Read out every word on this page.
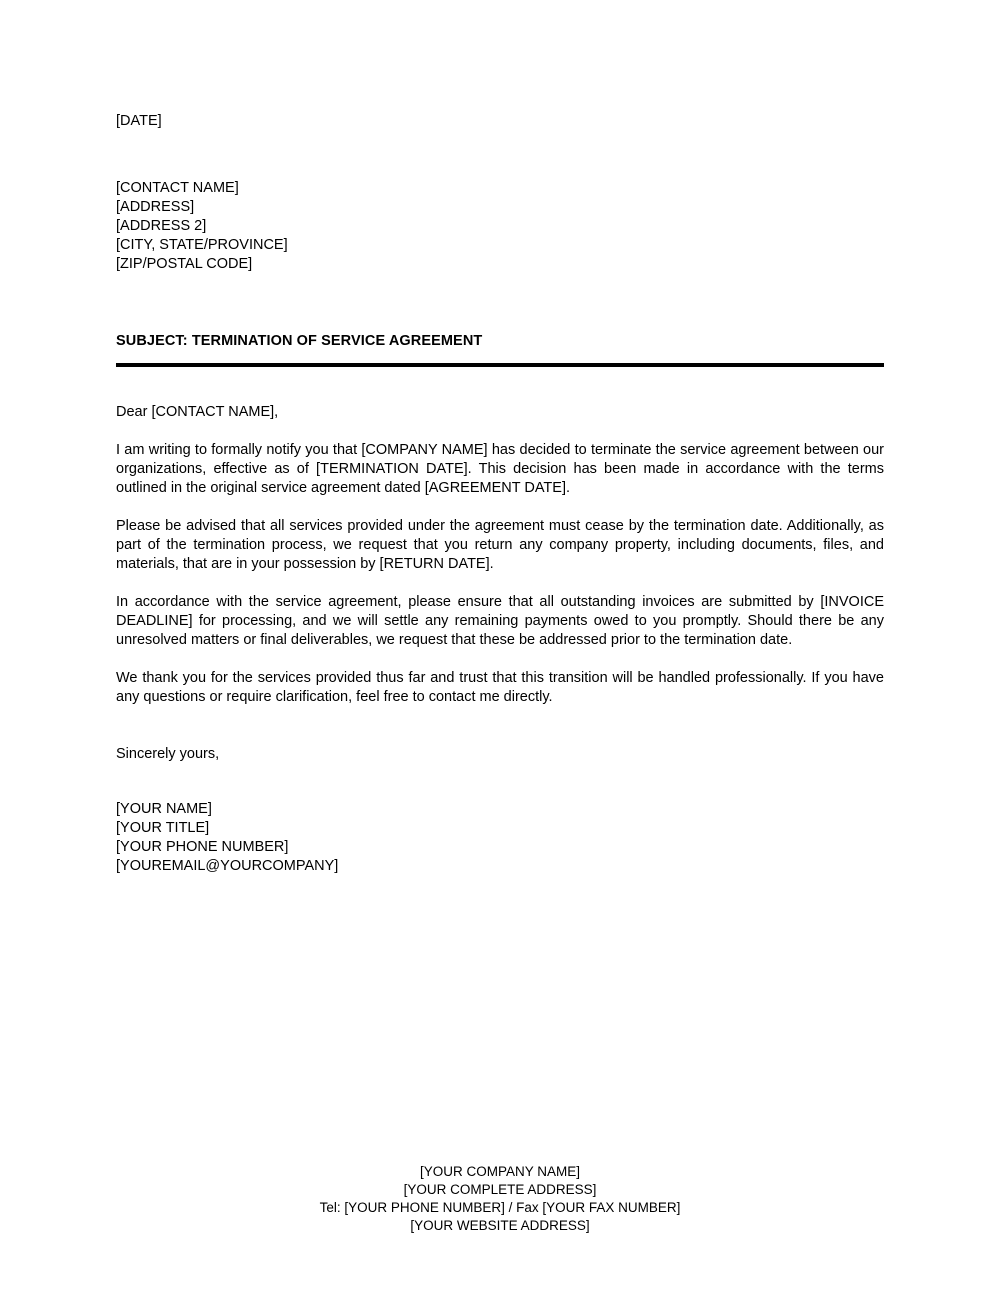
[DATE]
[CONTACT NAME]
[ADDRESS]
[ADDRESS 2]
[CITY, STATE/PROVINCE]
[ZIP/POSTAL CODE]
SUBJECT: TERMINATION OF SERVICE AGREEMENT
Dear [CONTACT NAME],

I am writing to formally notify you that [COMPANY NAME] has decided to terminate the service agreement between our organizations, effective as of [TERMINATION DATE]. This decision has been made in accordance with the terms outlined in the original service agreement dated [AGREEMENT DATE].

Please be advised that all services provided under the agreement must cease by the termination date. Additionally, as part of the termination process, we request that you return any company property, including documents, files, and materials, that are in your possession by [RETURN DATE].

In accordance with the service agreement, please ensure that all outstanding invoices are submitted by [INVOICE DEADLINE] for processing, and we will settle any remaining payments owed to you promptly. Should there be any unresolved matters or final deliverables, we request that these be addressed prior to the termination date.

We thank you for the services provided thus far and trust that this transition will be handled professionally. If you have any questions or require clarification, feel free to contact me directly.

Sincerely yours,
[YOUR NAME]
[YOUR TITLE]
[YOUR PHONE NUMBER]
[YOUREMAIL@YOURCOMPANY]
[YOUR COMPANY NAME]
[YOUR COMPLETE ADDRESS]
Tel: [YOUR PHONE NUMBER] / Fax [YOUR FAX NUMBER]
[YOUR WEBSITE ADDRESS]
